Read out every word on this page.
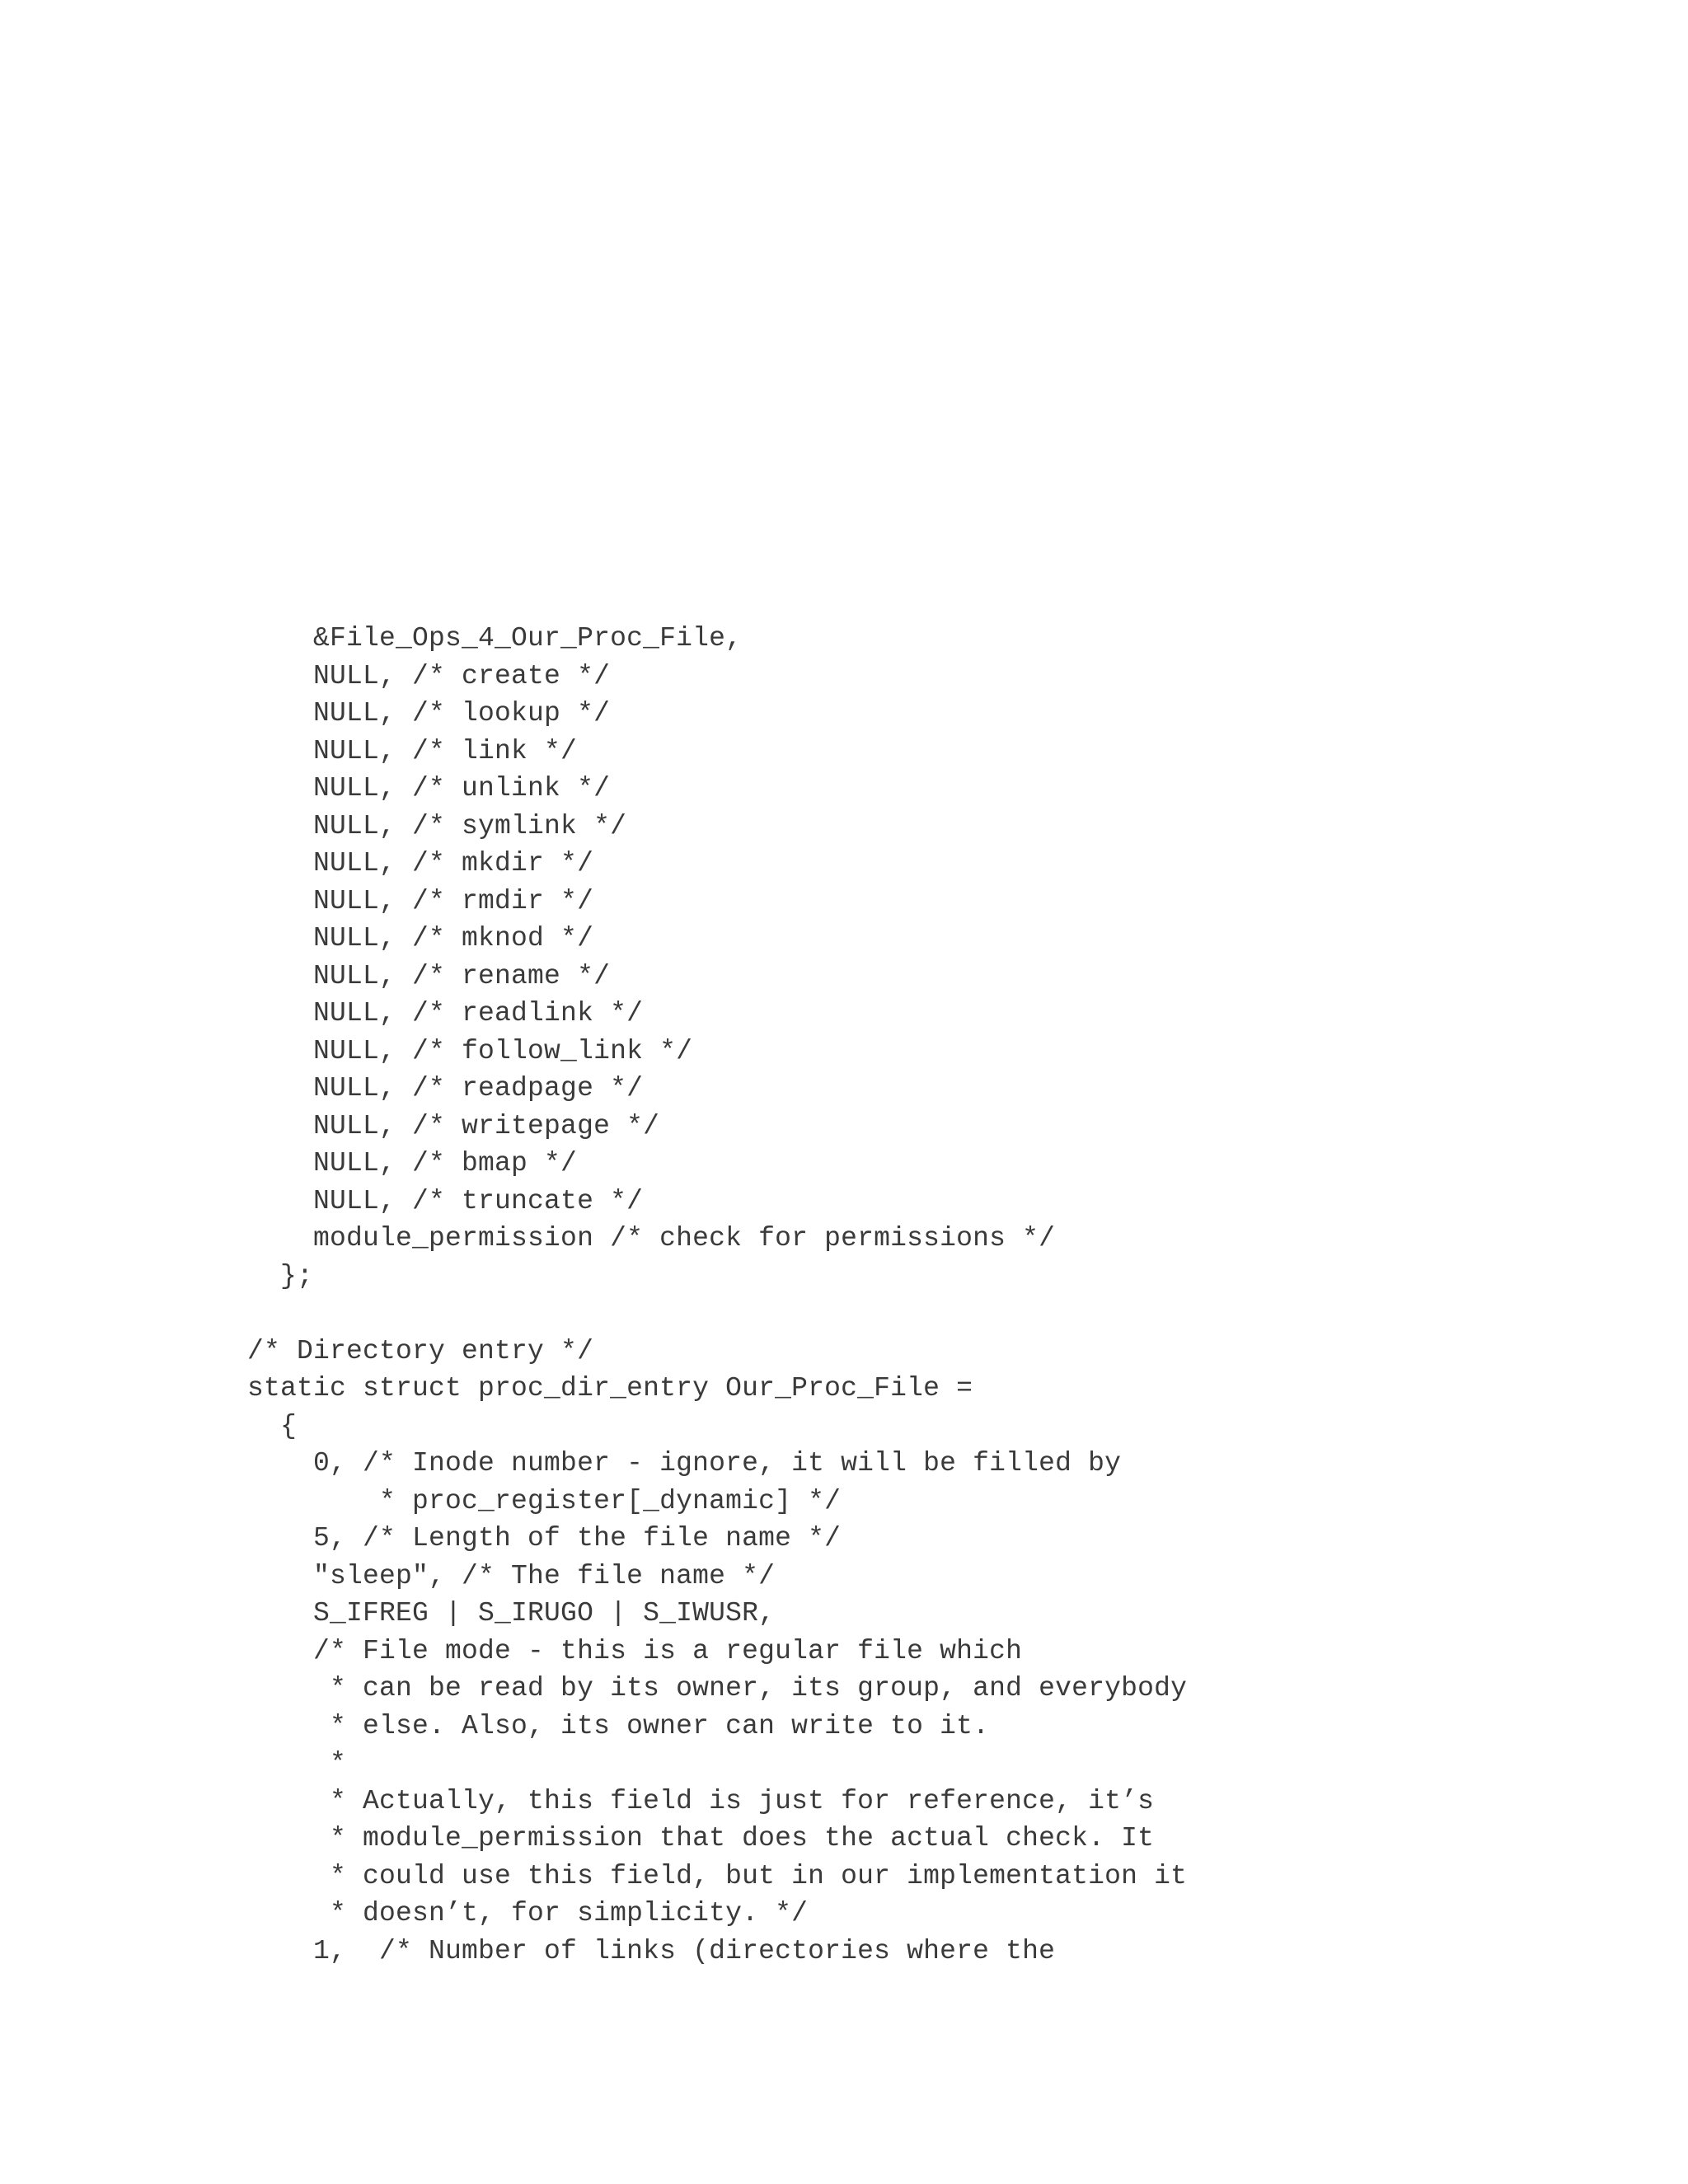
&File_Ops_4_Our_Proc_File,
NULL, /* create */
NULL, /* lookup */
NULL, /* link */
NULL, /* unlink */
NULL, /* symlink */
NULL, /* mkdir */
NULL, /* rmdir */
NULL, /* mknod */
NULL, /* rename */
NULL, /* readlink */
NULL, /* follow_link */
NULL, /* readpage */
NULL, /* writepage */
NULL, /* bmap */
NULL, /* truncate */
module_permission /* check for permissions */
};
/* Directory entry */
static struct proc_dir_entry Our_Proc_File =
{
0, /* Inode number - ignore, it will be filled by
* proc_register[_dynamic] */
5, /* Length of the file name */
"sleep", /* The file name */
S_IFREG | S_IRUGO | S_IWUSR,
/* File mode - this is a regular file which
* can be read by its owner, its group, and everybody
* else. Also, its owner can write to it.
*
* Actually, this field is just for reference, it’s
* module_permission that does the actual check. It
* could use this field, but in our implementation it
* doesn’t, for simplicity. */
1,  /* Number of links (directories where the
